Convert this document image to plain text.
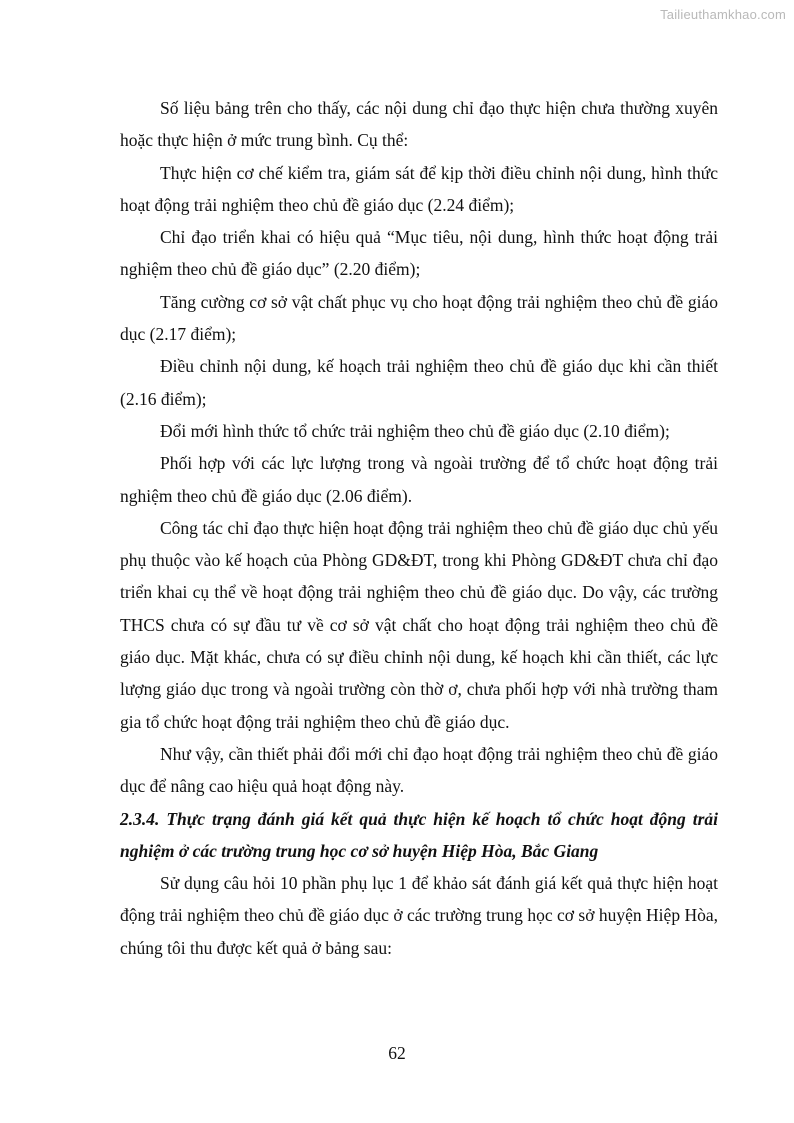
Tailieuthamkhao.com

Số liệu bảng trên cho thấy, các nội dung chỉ đạo thực hiện chưa thường xuyên hoặc thực hiện ở mức trung bình. Cụ thể:

Thực hiện cơ chế kiểm tra, giám sát để kịp thời điều chỉnh nội dung, hình thức hoạt động trải nghiệm theo chủ đề giáo dục (2.24 điểm);

Chỉ đạo triển khai có hiệu quả “Mục tiêu, nội dung, hình thức hoạt động trải nghiệm theo chủ đề giáo dục” (2.20 điểm);

Tăng cường cơ sở vật chất phục vụ cho hoạt động trải nghiệm theo chủ đề giáo dục (2.17 điểm);

Điều chỉnh nội dung, kế hoạch trải nghiệm theo chủ đề giáo dục khi cần thiết (2.16 điểm);

Đổi mới hình thức tổ chức trải nghiệm theo chủ đề giáo dục (2.10 điểm);

Phối hợp với các lực lượng trong và ngoài trường để tổ chức hoạt động trải nghiệm theo chủ đề giáo dục (2.06 điểm).

Công tác chỉ đạo thực hiện hoạt động trải nghiệm theo chủ đề giáo dục chủ yếu phụ thuộc vào kế hoạch của Phòng GD&ĐT, trong khi Phòng GD&ĐT chưa chỉ đạo triển khai cụ thể về hoạt động trải nghiệm theo chủ đề giáo dục. Do vậy, các trường THCS chưa có sự đầu tư về cơ sở vật chất cho hoạt động trải nghiệm theo chủ đề giáo dục. Mặt khác, chưa có sự điều chỉnh nội dung, kế hoạch khi cần thiết, các lực lượng giáo dục trong và ngoài trường còn thờ ơ, chưa phối hợp với nhà trường tham gia tổ chức hoạt động trải nghiệm theo chủ đề giáo dục.

Như vậy, cần thiết phải đổi mới chỉ đạo hoạt động trải nghiệm theo chủ đề giáo dục để nâng cao hiệu quả hoạt động này.

2.3.4. Thực trạng đánh giá kết quả thực hiện kế hoạch tổ chức hoạt động trải nghiệm ở các trường trung học cơ sở huyện Hiệp Hòa, Bắc Giang

Sử dụng câu hỏi 10 phần phụ lục 1 để khảo sát đánh giá kết quả thực hiện hoạt động trải nghiệm theo chủ đề giáo dục ở các trường trung học cơ sở huyện Hiệp Hòa, chúng tôi thu được kết quả ở bảng sau:

62
